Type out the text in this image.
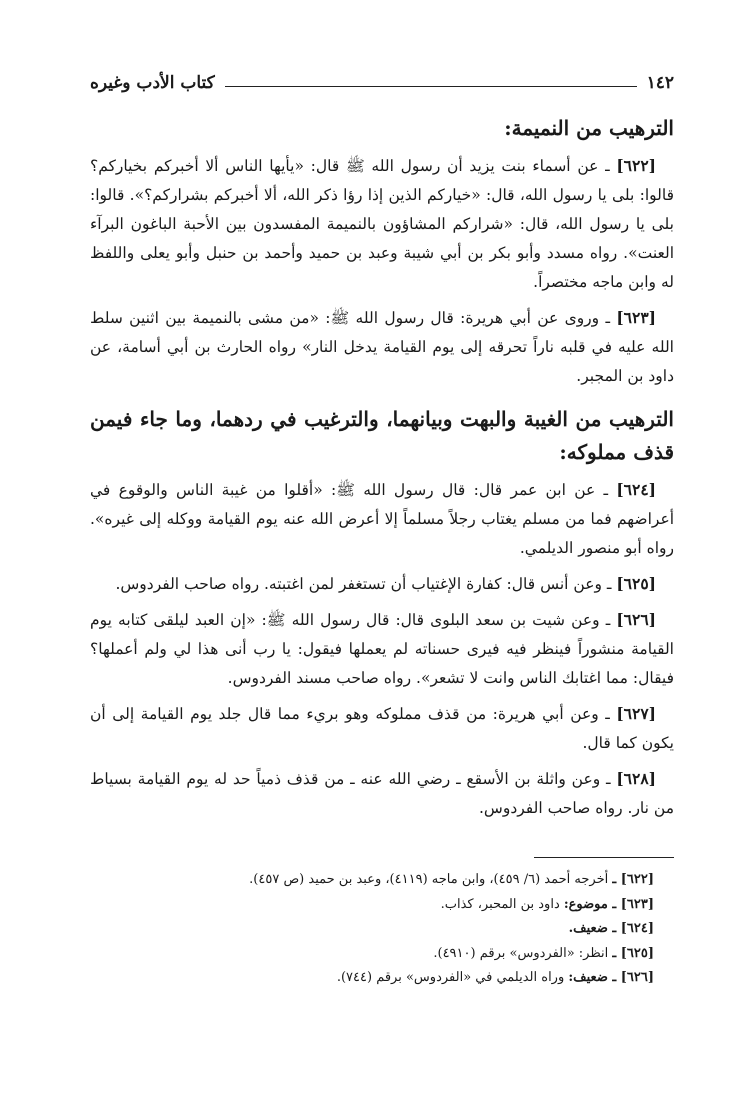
١٤٢
كتاب الأدب وغيره
الترهيب من النميمة:

[٦٢٢] ـ عن أسماء بنت يزيد أن رسول الله ﷺ قال: «يأيها الناس ألا أخبركم بخياركم؟ قالوا: بلى يا رسول الله، قال: «خياركم الذين إذا رؤا ذكر الله، ألا أخبركم بشراركم؟». قالوا: بلى يا رسول الله، قال: «شراركم المشاؤون بالنميمة المفسدون بين الأحبة الباغون البرآء العنت». رواه مسدد وأبو بكر بن أبي شيبة وعبد بن حميد وأحمد بن حنبل وأبو يعلى واللفظ له وابن ماجه مختصراً.

[٦٢٣] ـ وروى عن أبي هريرة: قال رسول الله ﷺ: «من مشى بالنميمة بين اثنين سلط الله عليه في قلبه ناراً تحرقه إلى يوم القيامة يدخل النار» رواه الحارث بن أبي أسامة، عن داود بن المجبر.

الترهيب من الغيبة والبهت وبيانهما، والترغيب في ردهما، وما جاء فيمن قذف مملوكه:

[٦٢٤] ـ عن ابن عمر قال: قال رسول الله ﷺ: «أقلوا من غيبة الناس والوقوع في أعراضهم فما من مسلم يغتاب رجلاً مسلماً إلا أعرض الله عنه يوم القيامة ووكله إلى غيره». رواه أبو منصور الديلمي.

[٦٢٥] ـ وعن أنس قال: كفارة الإغتياب أن تستغفر لمن اغتبته. رواه صاحب الفردوس.

[٦٢٦] ـ وعن شيت بن سعد البلوى قال: قال رسول الله ﷺ: «إن العبد ليلقى كتابه يوم القيامة منشوراً فينظر فيه فيرى حسناته لم يعملها فيقول: يا رب أنى هذا لي ولم أعملها؟ فيقال: مما اغتابك الناس وانت لا تشعر». رواه صاحب مسند الفردوس.

[٦٢٧] ـ وعن أبي هريرة: من قذف مملوكه وهو بريء مما قال جلد يوم القيامة إلى أن يكون كما قال.

[٦٢٨] ـ وعن واثلة بن الأسقع ـ رضي الله عنه ـ من قذف ذمياً حد له يوم القيامة بسياط من نار. رواه صاحب الفردوس.

[٦٢٢] ـ أخرجه أحمد (٦/ ٤٥٩)، وابن ماجه (٤١١٩)، وعبد بن حميد (ص ٤٥٧).

[٦٢٣] ـ موضوع: داود بن المحبر، كذاب.

[٦٢٤] ـ ضعيف.

[٦٢٥] ـ انظر: «الفردوس» برقم (٤٩١٠).

[٦٢٦] ـ ضعيف: وراه الديلمي في «الفردوس» برقم (٧٤٤).
